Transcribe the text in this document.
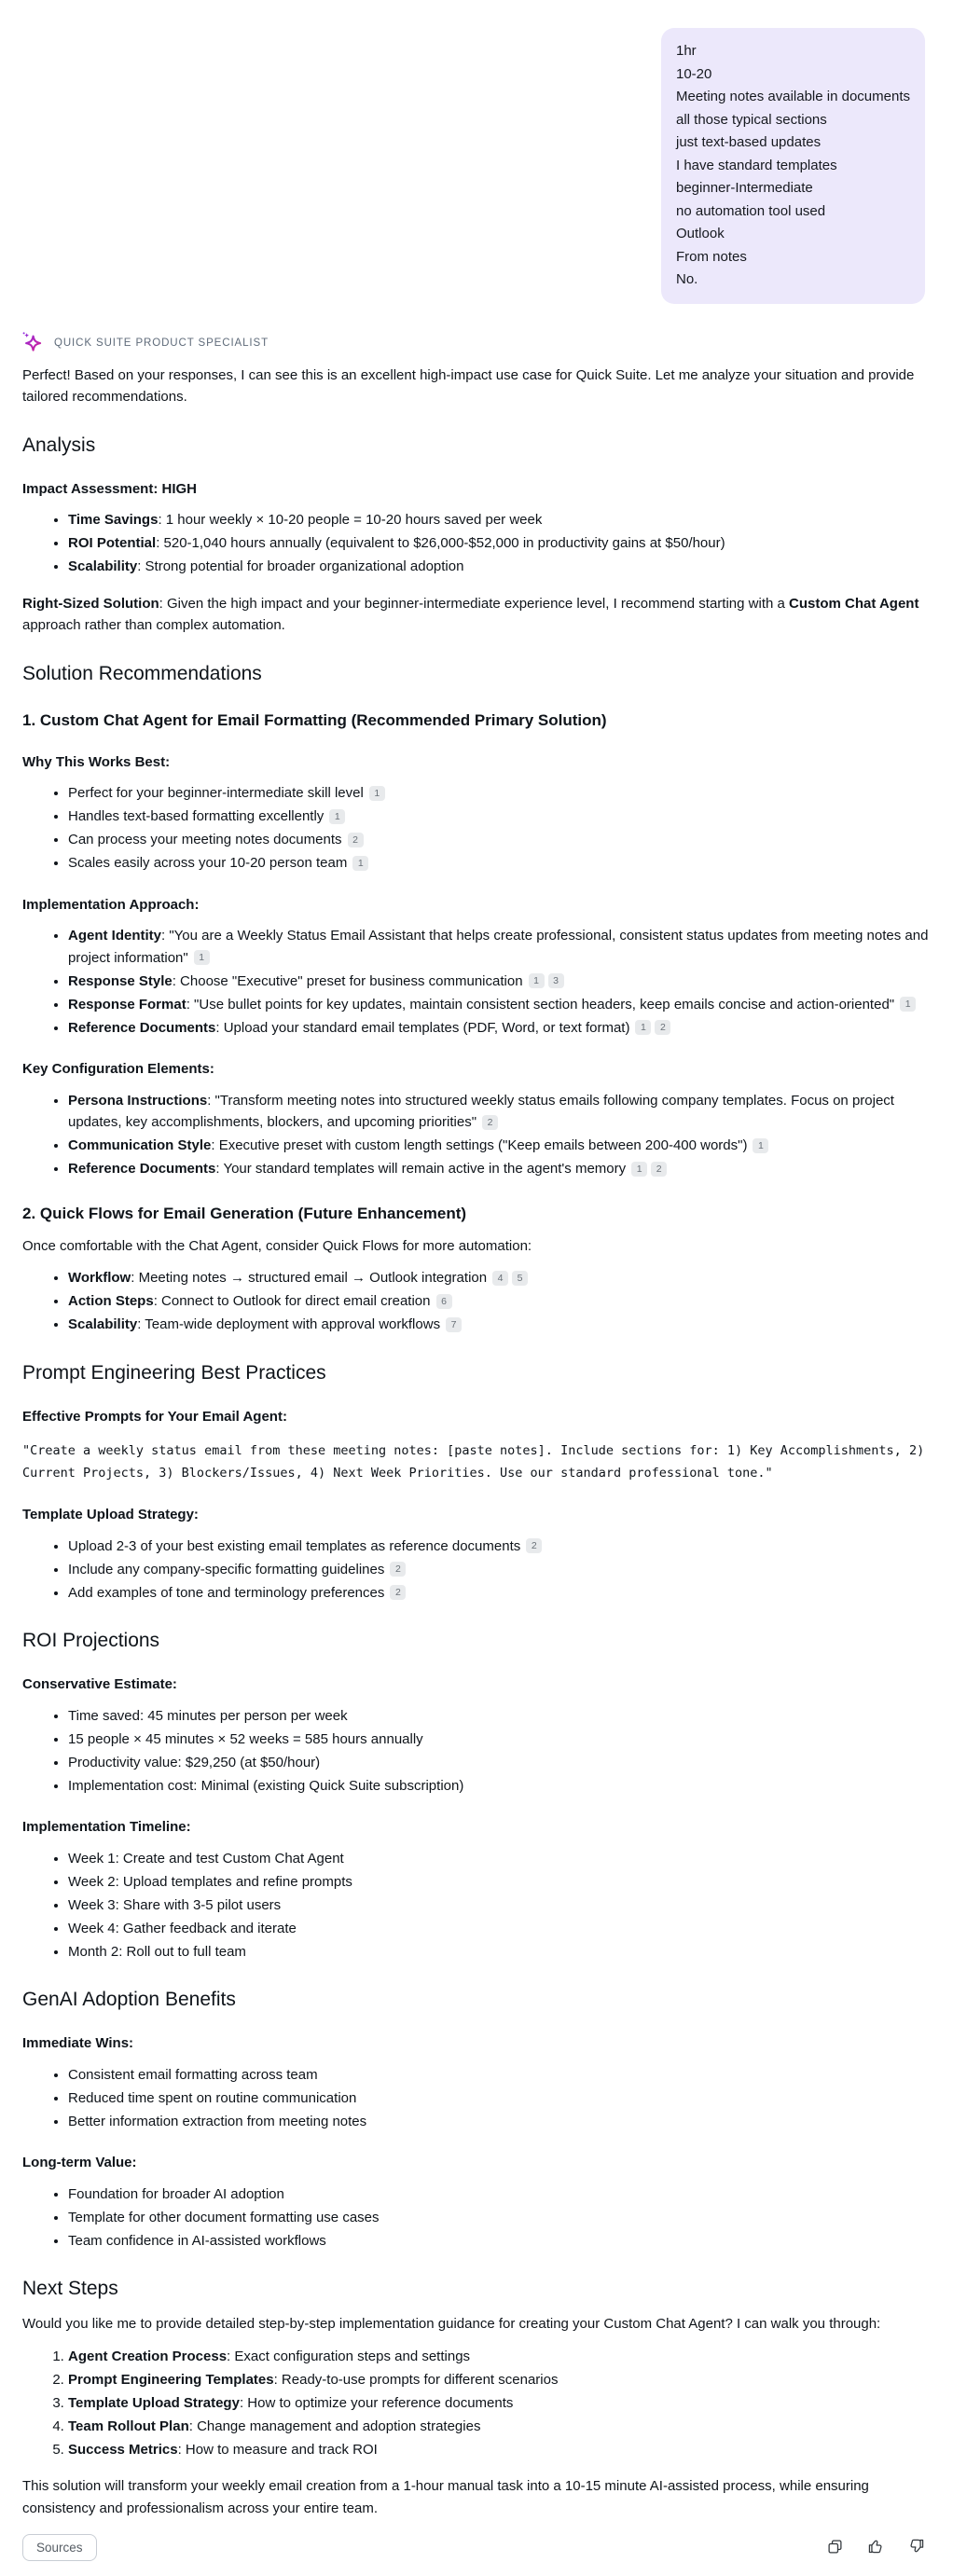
1hr
10-20
Meeting notes available in documents
all those typical sections
just text-based updates
I have standard templates
beginner-Intermediate
no automation tool used
Outlook
From notes
No.
QUICK SUITE PRODUCT SPECIALIST

Perfect! Based on your responses, I can see this is an excellent high-impact use case for Quick Suite. Let me analyze your situation and provide tailored recommendations.

Analysis
Impact Assessment: HIGH
• Time Savings: 1 hour weekly × 10-20 people = 10-20 hours saved per week
• ROI Potential: 520-1,040 hours annually (equivalent to $26,000-$52,000 in productivity gains at $50/hour)
• Scalability: Strong potential for broader organizational adoption

Right-Sized Solution: Given the high impact and your beginner-intermediate experience level, I recommend starting with a Custom Chat Agent approach rather than complex automation.

Solution Recommendations
1. Custom Chat Agent for Email Formatting (Recommended Primary Solution)
Why This Works Best:
• Perfect for your beginner-intermediate skill level 1
• Handles text-based formatting excellently 1
• Can process your meeting notes documents 2
• Scales easily across your 10-20 person team 1
Implementation Approach:
• Agent Identity: "You are a Weekly Status Email Assistant that helps create professional, consistent status updates from meeting notes and project information" 1
• Response Style: Choose "Executive" preset for business communication 1 3
• Response Format: "Use bullet points for key updates, maintain consistent section headers, keep emails concise and action-oriented" 1
• Reference Documents: Upload your standard email templates (PDF, Word, or text format) 1 2
Key Configuration Elements:
• Persona Instructions: "Transform meeting notes into structured weekly status emails following company templates. Focus on project updates, key accomplishments, blockers, and upcoming priorities" 2
• Communication Style: Executive preset with custom length settings ("Keep emails between 200-400 words") 1
• Reference Documents: Your standard templates will remain active in the agent's memory 1 2
2. Quick Flows for Email Generation (Future Enhancement)

Once comfortable with the Chat Agent, consider Quick Flows for more automation:

• Workflow: Meeting notes → structured email → Outlook integration 4 5
• Action Steps: Connect to Outlook for direct email creation 6
• Scalability: Team-wide deployment with approval workflows 7
Prompt Engineering Best Practices
Effective Prompts for Your Email Agent:
"Create a weekly status email from these meeting notes: [paste notes]. Include sections for: 1) Key Accomplishments, 2) Current Projects, 3) Blockers/Issues, 4) Next Week Priorities. Use our standard professional tone."
Template Upload Strategy:
• Upload 2-3 of your best existing email templates as reference documents 2
• Include any company-specific formatting guidelines 2
• Add examples of tone and terminology preferences 2
ROI Projections
Conservative Estimate:
• Time saved: 45 minutes per person per week
• 15 people × 45 minutes × 52 weeks = 585 hours annually
• Productivity value: $29,250 (at $50/hour)
• Implementation cost: Minimal (existing Quick Suite subscription)
Implementation Timeline:
• Week 1: Create and test Custom Chat Agent
• Week 2: Upload templates and refine prompts
• Week 3: Share with 3-5 pilot users
• Week 4: Gather feedback and iterate
• Month 2: Roll out to full team
GenAI Adoption Benefits
Immediate Wins:
• Consistent email formatting across team
• Reduced time spent on routine communication
• Better information extraction from meeting notes
Long-term Value:
• Foundation for broader AI adoption
• Template for other document formatting use cases
• Team confidence in AI-assisted workflows
Next Steps

Would you like me to provide detailed step-by-step implementation guidance for creating your Custom Chat Agent? I can walk you through:

1. Agent Creation Process: Exact configuration steps and settings
2. Prompt Engineering Templates: Ready-to-use prompts for different scenarios
3. Template Upload Strategy: How to optimize your reference documents
4. Team Rollout Plan: Change management and adoption strategies
5. Success Metrics: How to measure and track ROI

This solution will transform your weekly email creation from a 1-hour manual task into a 10-15 minute AI-assisted process, while ensuring consistency and professionalism across your entire team.

Sources
